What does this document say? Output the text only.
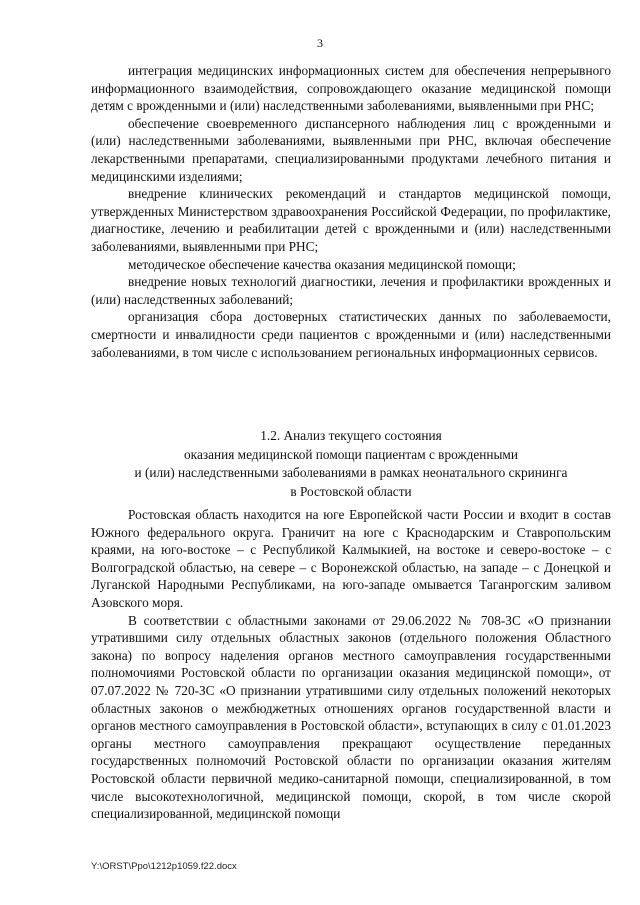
3

интеграция медицинских информационных систем для обеспечения непрерывного информационного взаимодействия, сопровождающего оказание медицинской помощи детям с врожденными и (или) наследственными заболеваниями, выявленными при РНС;

обеспечение своевременного диспансерного наблюдения лиц с врожденными и (или) наследственными заболеваниями, выявленными при РНС, включая обеспечение лекарственными препаратами, специализированными продуктами лечебного питания и медицинскими изделиями;

внедрение клинических рекомендаций и стандартов медицинской помощи, утвержденных Министерством здравоохранения Российской Федерации, по профилактике, диагностике, лечению и реабилитации детей с врожденными и (или) наследственными заболеваниями, выявленными при РНС;

методическое обеспечение качества оказания медицинской помощи;

внедрение новых технологий диагностики, лечения и профилактики врожденных и (или) наследственных заболеваний;

организация сбора достоверных статистических данных по заболеваемости, смертности и инвалидности среди пациентов с врожденными и (или) наследственными заболеваниями, в том числе с использованием региональных информационных сервисов.

1.2. Анализ текущего состояния
оказания медицинской помощи пациентам с врожденными
и (или) наследственными заболеваниями в рамках неонатального скрининга
в Ростовской области

Ростовская область находится на юге Европейской части России и входит в состав Южного федерального округа. Граничит на юге с Краснодарским и Ставропольским краями, на юго-востоке – с Республикой Калмыкией, на востоке и северо-востоке – с Волгоградской областью, на севере – с Воронежской областью, на западе – с Донецкой и Луганской Народными Республиками, на юго-западе омывается Таганрогским заливом Азовского моря.

В соответствии с областными законами от 29.06.2022 № 708-ЗС «О признании утратившими силу отдельных областных законов (отдельного положения Областного закона) по вопросу наделения органов местного самоуправления государственными полномочиями Ростовской области по организации оказания медицинской помощи», от 07.07.2022 № 720-ЗС «О признании утратившими силу отдельных положений некоторых областных законов о межбюджетных отношениях органов государственной власти и органов местного самоуправления в Ростовской области», вступающих в силу с 01.01.2023 органы местного самоуправления прекращают осуществление переданных государственных полномочий Ростовской области по организации оказания жителям Ростовской области первичной медико-санитарной помощи, специализированной, в том числе высокотехнологичной, медицинской помощи, скорой, в том числе скорой специализированной, медицинской помощи

Y:\ORST\Ppo\1212p1059.f22.docx
